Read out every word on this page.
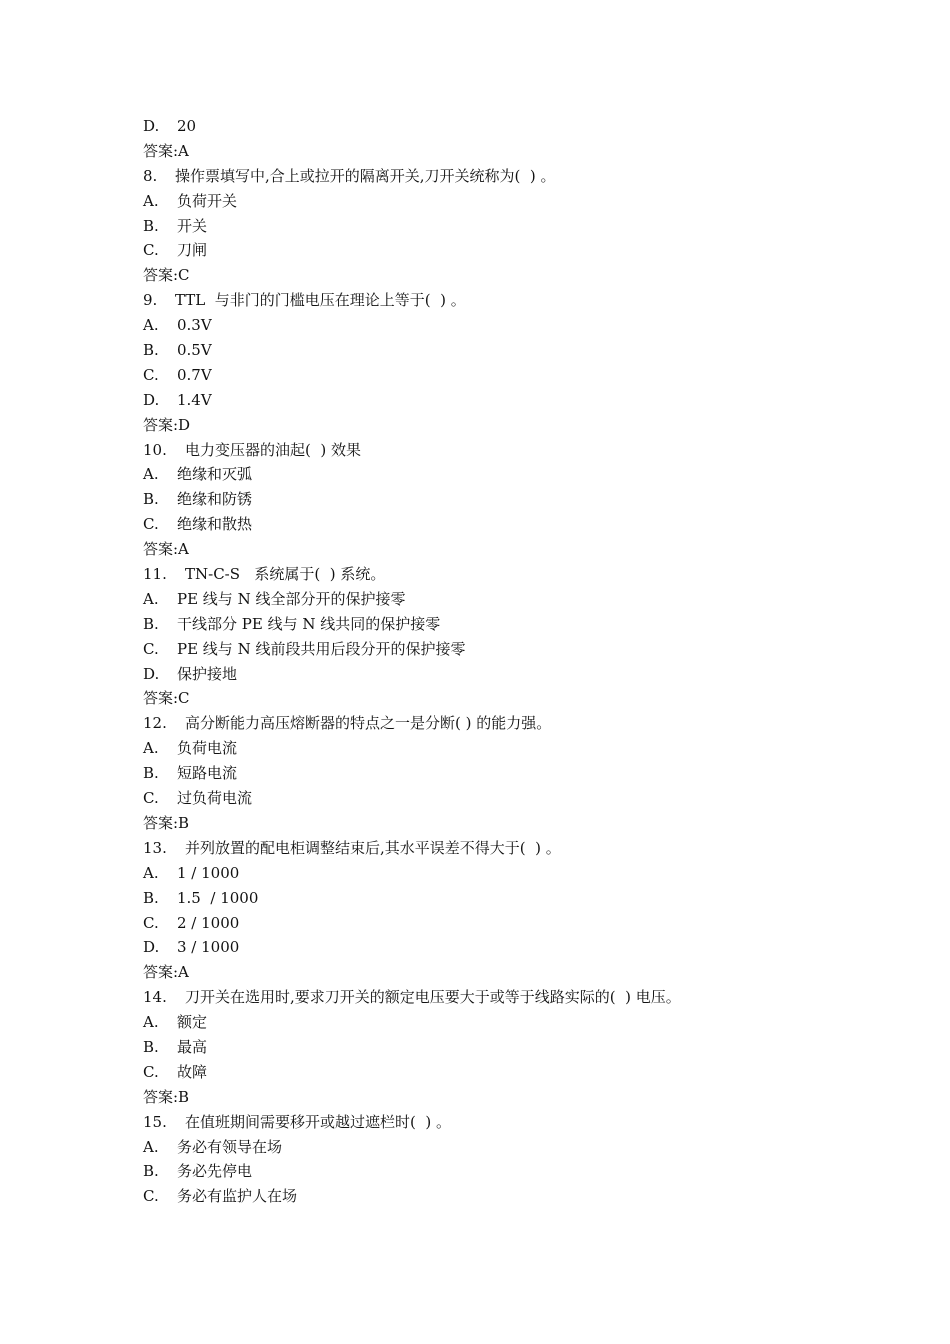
D. 20
答案:A
8. 操作票填写中,合上或拉开的隔离开关,刀开关统称为(  ) 。
A. 负荷开关
B. 开关
C. 刀闸
答案:C
9. TTL  与非门的门槛电压在理论上等于(  ) 。
A. 0.3V
B. 0.5V
C. 0.7V
D. 1.4V
答案:D
10. 电力变压器的油起(  ) 效果
A. 绝缘和灭弧
B. 绝缘和防锈
C. 绝缘和散热
答案:A
11. TN-C-S   系统属于(  ) 系统。
A. PE 线与 N 线全部分开的保护接零
B. 干线部分 PE 线与 N 线共同的保护接零
C. PE 线与 N 线前段共用后段分开的保护接零
D. 保护接地
答案:C
12. 高分断能力高压熔断器的特点之一是分断( ) 的能力强。
A. 负荷电流
B. 短路电流
C. 过负荷电流
答案:B
13. 并列放置的配电柜调整结束后,其水平误差不得大于(  ) 。
A. 1 / 1000
B. 1.5  / 1000
C. 2 / 1000
D. 3 / 1000
答案:A
14. 刀开关在选用时,要求刀开关的额定电压要大于或等于线路实际的(  ) 电压。
A. 额定
B. 最高
C. 故障
答案:B
15. 在值班期间需要移开或越过遮栏时(  ) 。
A. 务必有领导在场
B. 务必先停电
C. 务必有监护人在场
